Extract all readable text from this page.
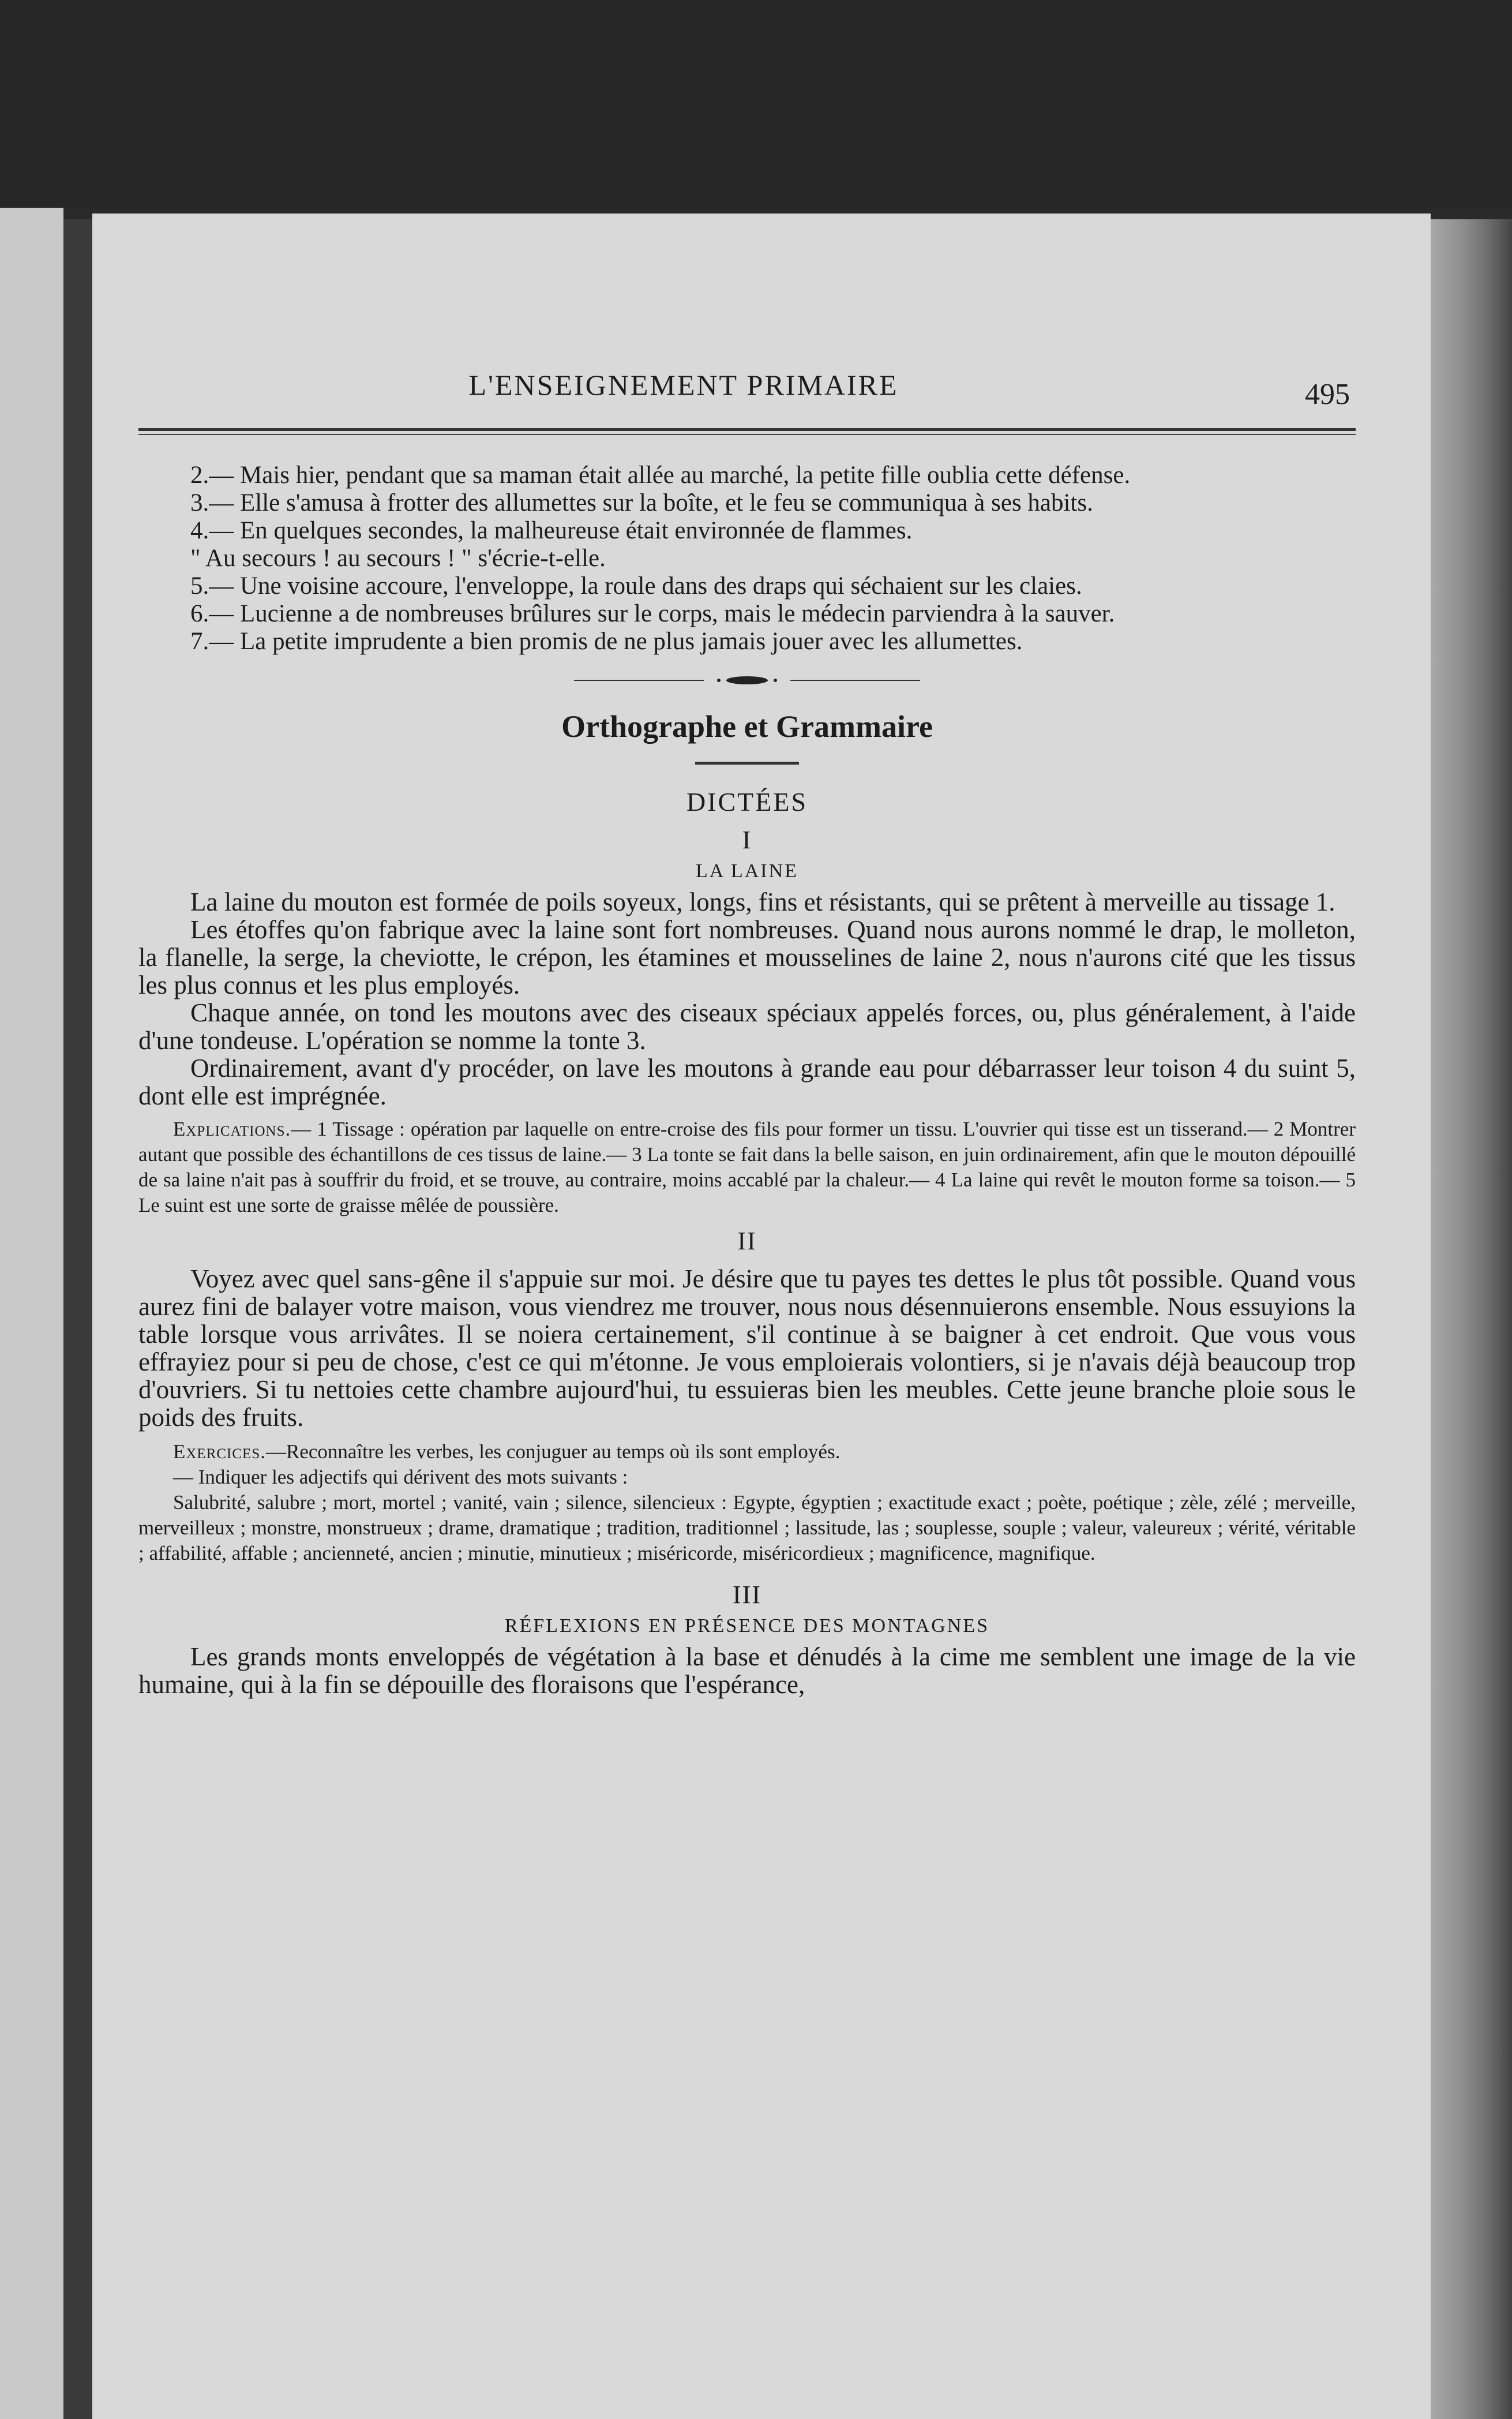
L'ENSEIGNEMENT PRIMAIRE	495

2.— Mais hier, pendant que sa maman était allée au marché, la petite fille oublia cette défense.

3.— Elle s'amusa à frotter des allumettes sur la boîte, et le feu se communiqua à ses habits.

4.— En quelques secondes, la malheureuse était environnée de flammes.

" Au secours ! au secours ! " s'écrie-t-elle.

5.— Une voisine accoure, l'enveloppe, la roule dans des draps qui séchaient sur les claies.

6.— Lucienne a de nombreuses brûlures sur le corps, mais le médecin parviendra à la sauver.

7.— La petite imprudente a bien promis de ne plus jamais jouer avec les allumettes.

Orthographe et Grammaire
DICTÉES
I
LA LAINE

La laine du mouton est formée de poils soyeux, longs, fins et résistants, qui se prêtent à merveille au tissage 1.

Les étoffes qu'on fabrique avec la laine sont fort nombreuses. Quand nous aurons nommé le drap, le molleton, la flanelle, la serge, la cheviotte, le crépon, les étamines et mousselines de laine 2, nous n'aurons cité que les tissus les plus connus et les plus employés.

Chaque année, on tond les moutons avec des ciseaux spéciaux appelés forces, ou, plus généralement, à l'aide d'une tondeuse. L'opération se nomme la tonte 3.

Ordinairement, avant d'y procéder, on lave les moutons à grande eau pour débarrasser leur toison 4 du suint 5, dont elle est imprégnée.

Explications.— 1 Tissage : opération par laquelle on entre-croise des fils pour former un tissu. L'ouvrier qui tisse est un tisserand.— 2 Montrer autant que possible des échantillons de ces tissus de laine.— 3 La tonte se fait dans la belle saison, en juin ordinairement, afin que le mouton dépouillé de sa laine n'ait pas à souffrir du froid, et se trouve, au contraire, moins accablé par la chaleur.— 4 La laine qui revêt le mouton forme sa toison.— 5 Le suint est une sorte de graisse mêlée de poussière.

II

Voyez avec quel sans-gêne il s'appuie sur moi. Je désire que tu payes tes dettes le plus tôt possible. Quand vous aurez fini de balayer votre maison, vous viendrez me trouver, nous nous désennuierons ensemble. Nous essuyions la table lorsque vous arrivâtes. Il se noiera certainement, s'il continue à se baigner à cet endroit. Que vous vous effrayiez pour si peu de chose, c'est ce qui m'étonne. Je vous emploierais volontiers, si je n'avais déjà beaucoup trop d'ouvriers. Si tu nettoies cette chambre aujourd'hui, tu essuieras bien les meubles. Cette jeune branche ploie sous le poids des fruits.

Exercices.—Reconnaître les verbes, les conjuguer au temps où ils sont employés.

— Indiquer les adjectifs qui dérivent des mots suivants :

Salubrité, salubre ; mort, mortel ; vanité, vain ; silence, silencieux : Egypte, égyptien ; exactitude exact ; poète, poétique ; zèle, zélé ; merveille, merveilleux ; monstre, monstrueux ; drame, dramatique ; tradition, traditionnel ; lassitude, las ; souplesse, souple ; valeur, valeureux ; vérité, véritable ; affabilité, affable ; ancienneté, ancien ; minutie, minutieux ; miséricorde, miséricordieux ; magnificence, magnifique.

III
RÉFLEXIONS EN PRÉSENCE DES MONTAGNES

Les grands monts enveloppés de végétation à la base et dénudés à la cime me semblent une image de la vie humaine, qui à la fin se dépouille des floraisons que l'espérance,
